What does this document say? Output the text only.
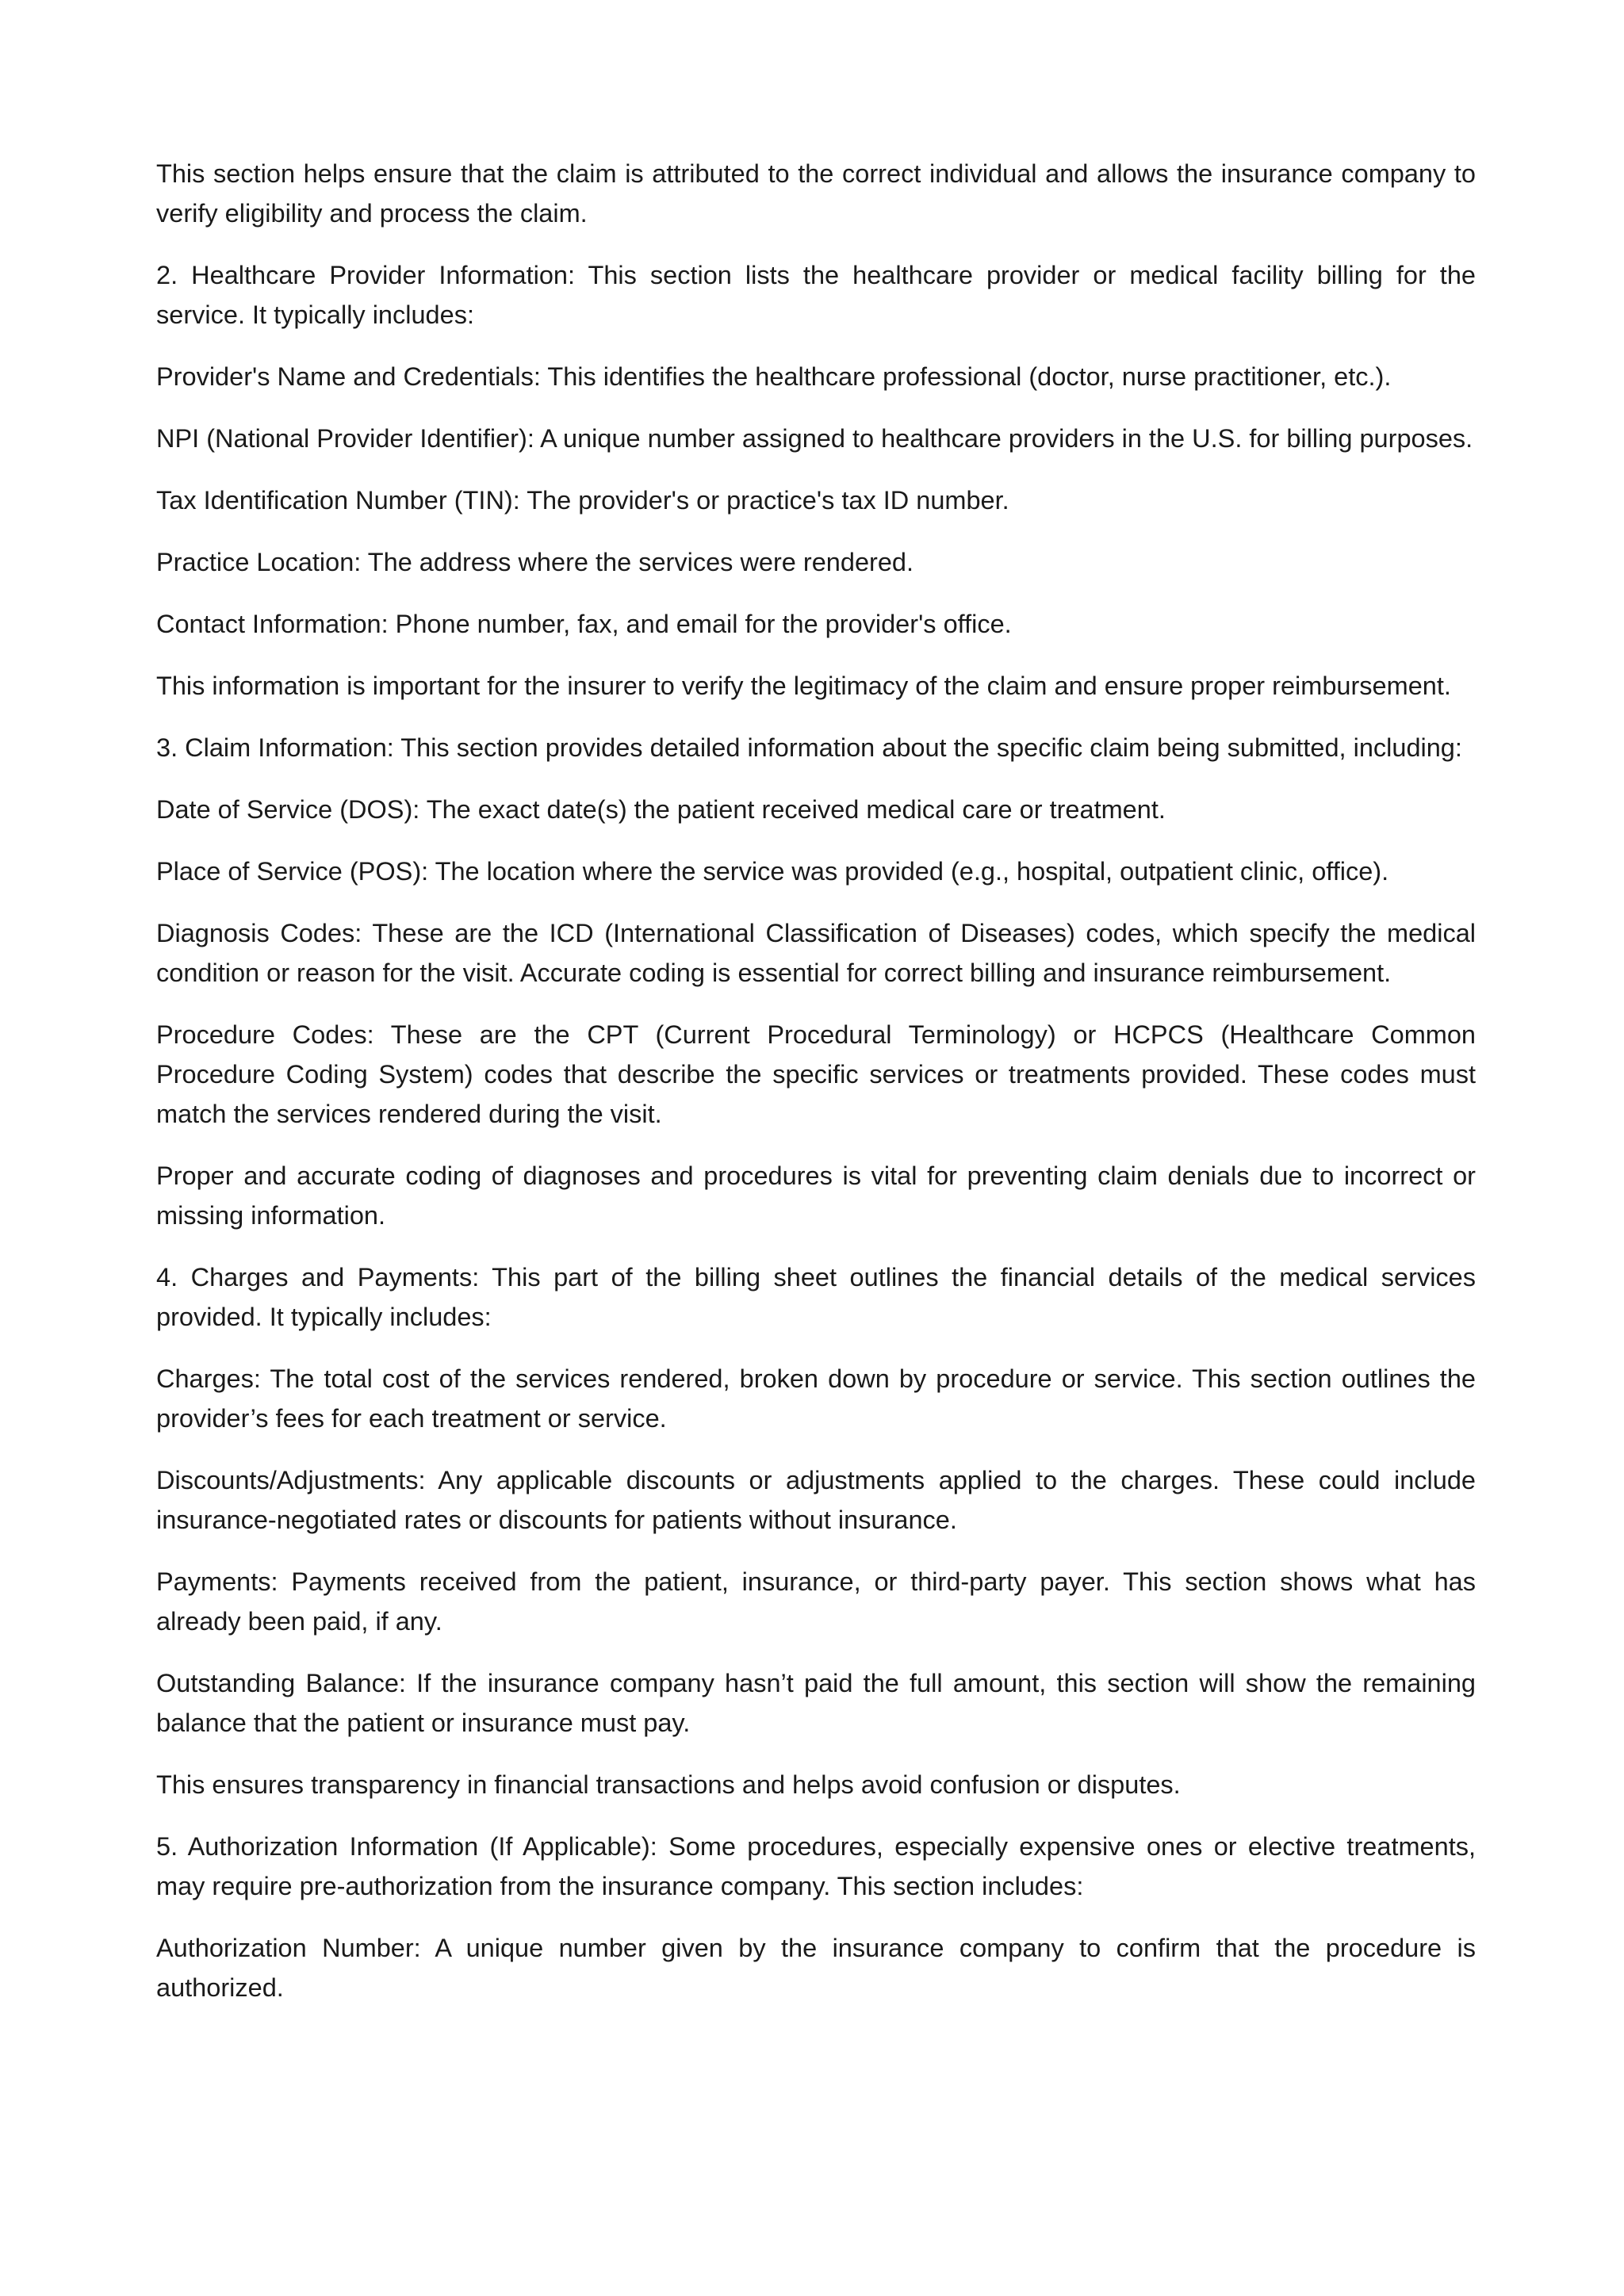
This section helps ensure that the claim is attributed to the correct individual and allows the insurance company to verify eligibility and process the claim.

2. Healthcare Provider Information: This section lists the healthcare provider or medical facility billing for the service. It typically includes:

Provider's Name and Credentials: This identifies the healthcare professional (doctor, nurse practitioner, etc.).

NPI (National Provider Identifier): A unique number assigned to healthcare providers in the U.S. for billing purposes.

Tax Identification Number (TIN): The provider's or practice's tax ID number.

Practice Location: The address where the services were rendered.

Contact Information: Phone number, fax, and email for the provider's office.

This information is important for the insurer to verify the legitimacy of the claim and ensure proper reimbursement.

3. Claim Information: This section provides detailed information about the specific claim being submitted, including:

Date of Service (DOS): The exact date(s) the patient received medical care or treatment.

Place of Service (POS): The location where the service was provided (e.g., hospital, outpatient clinic, office).

Diagnosis Codes: These are the ICD (International Classification of Diseases) codes, which specify the medical condition or reason for the visit. Accurate coding is essential for correct billing and insurance reimbursement.

Procedure Codes: These are the CPT (Current Procedural Terminology) or HCPCS (Healthcare Common Procedure Coding System) codes that describe the specific services or treatments provided. These codes must match the services rendered during the visit.

Proper and accurate coding of diagnoses and procedures is vital for preventing claim denials due to incorrect or missing information.

4. Charges and Payments: This part of the billing sheet outlines the financial details of the medical services provided. It typically includes:

Charges: The total cost of the services rendered, broken down by procedure or service. This section outlines the provider’s fees for each treatment or service.

Discounts/Adjustments: Any applicable discounts or adjustments applied to the charges. These could include insurance-negotiated rates or discounts for patients without insurance.

Payments: Payments received from the patient, insurance, or third-party payer. This section shows what has already been paid, if any.

Outstanding Balance: If the insurance company hasn’t paid the full amount, this section will show the remaining balance that the patient or insurance must pay.

This ensures transparency in financial transactions and helps avoid confusion or disputes.

5. Authorization Information (If Applicable): Some procedures, especially expensive ones or elective treatments, may require pre-authorization from the insurance company. This section includes:

Authorization Number: A unique number given by the insurance company to confirm that the procedure is authorized.
